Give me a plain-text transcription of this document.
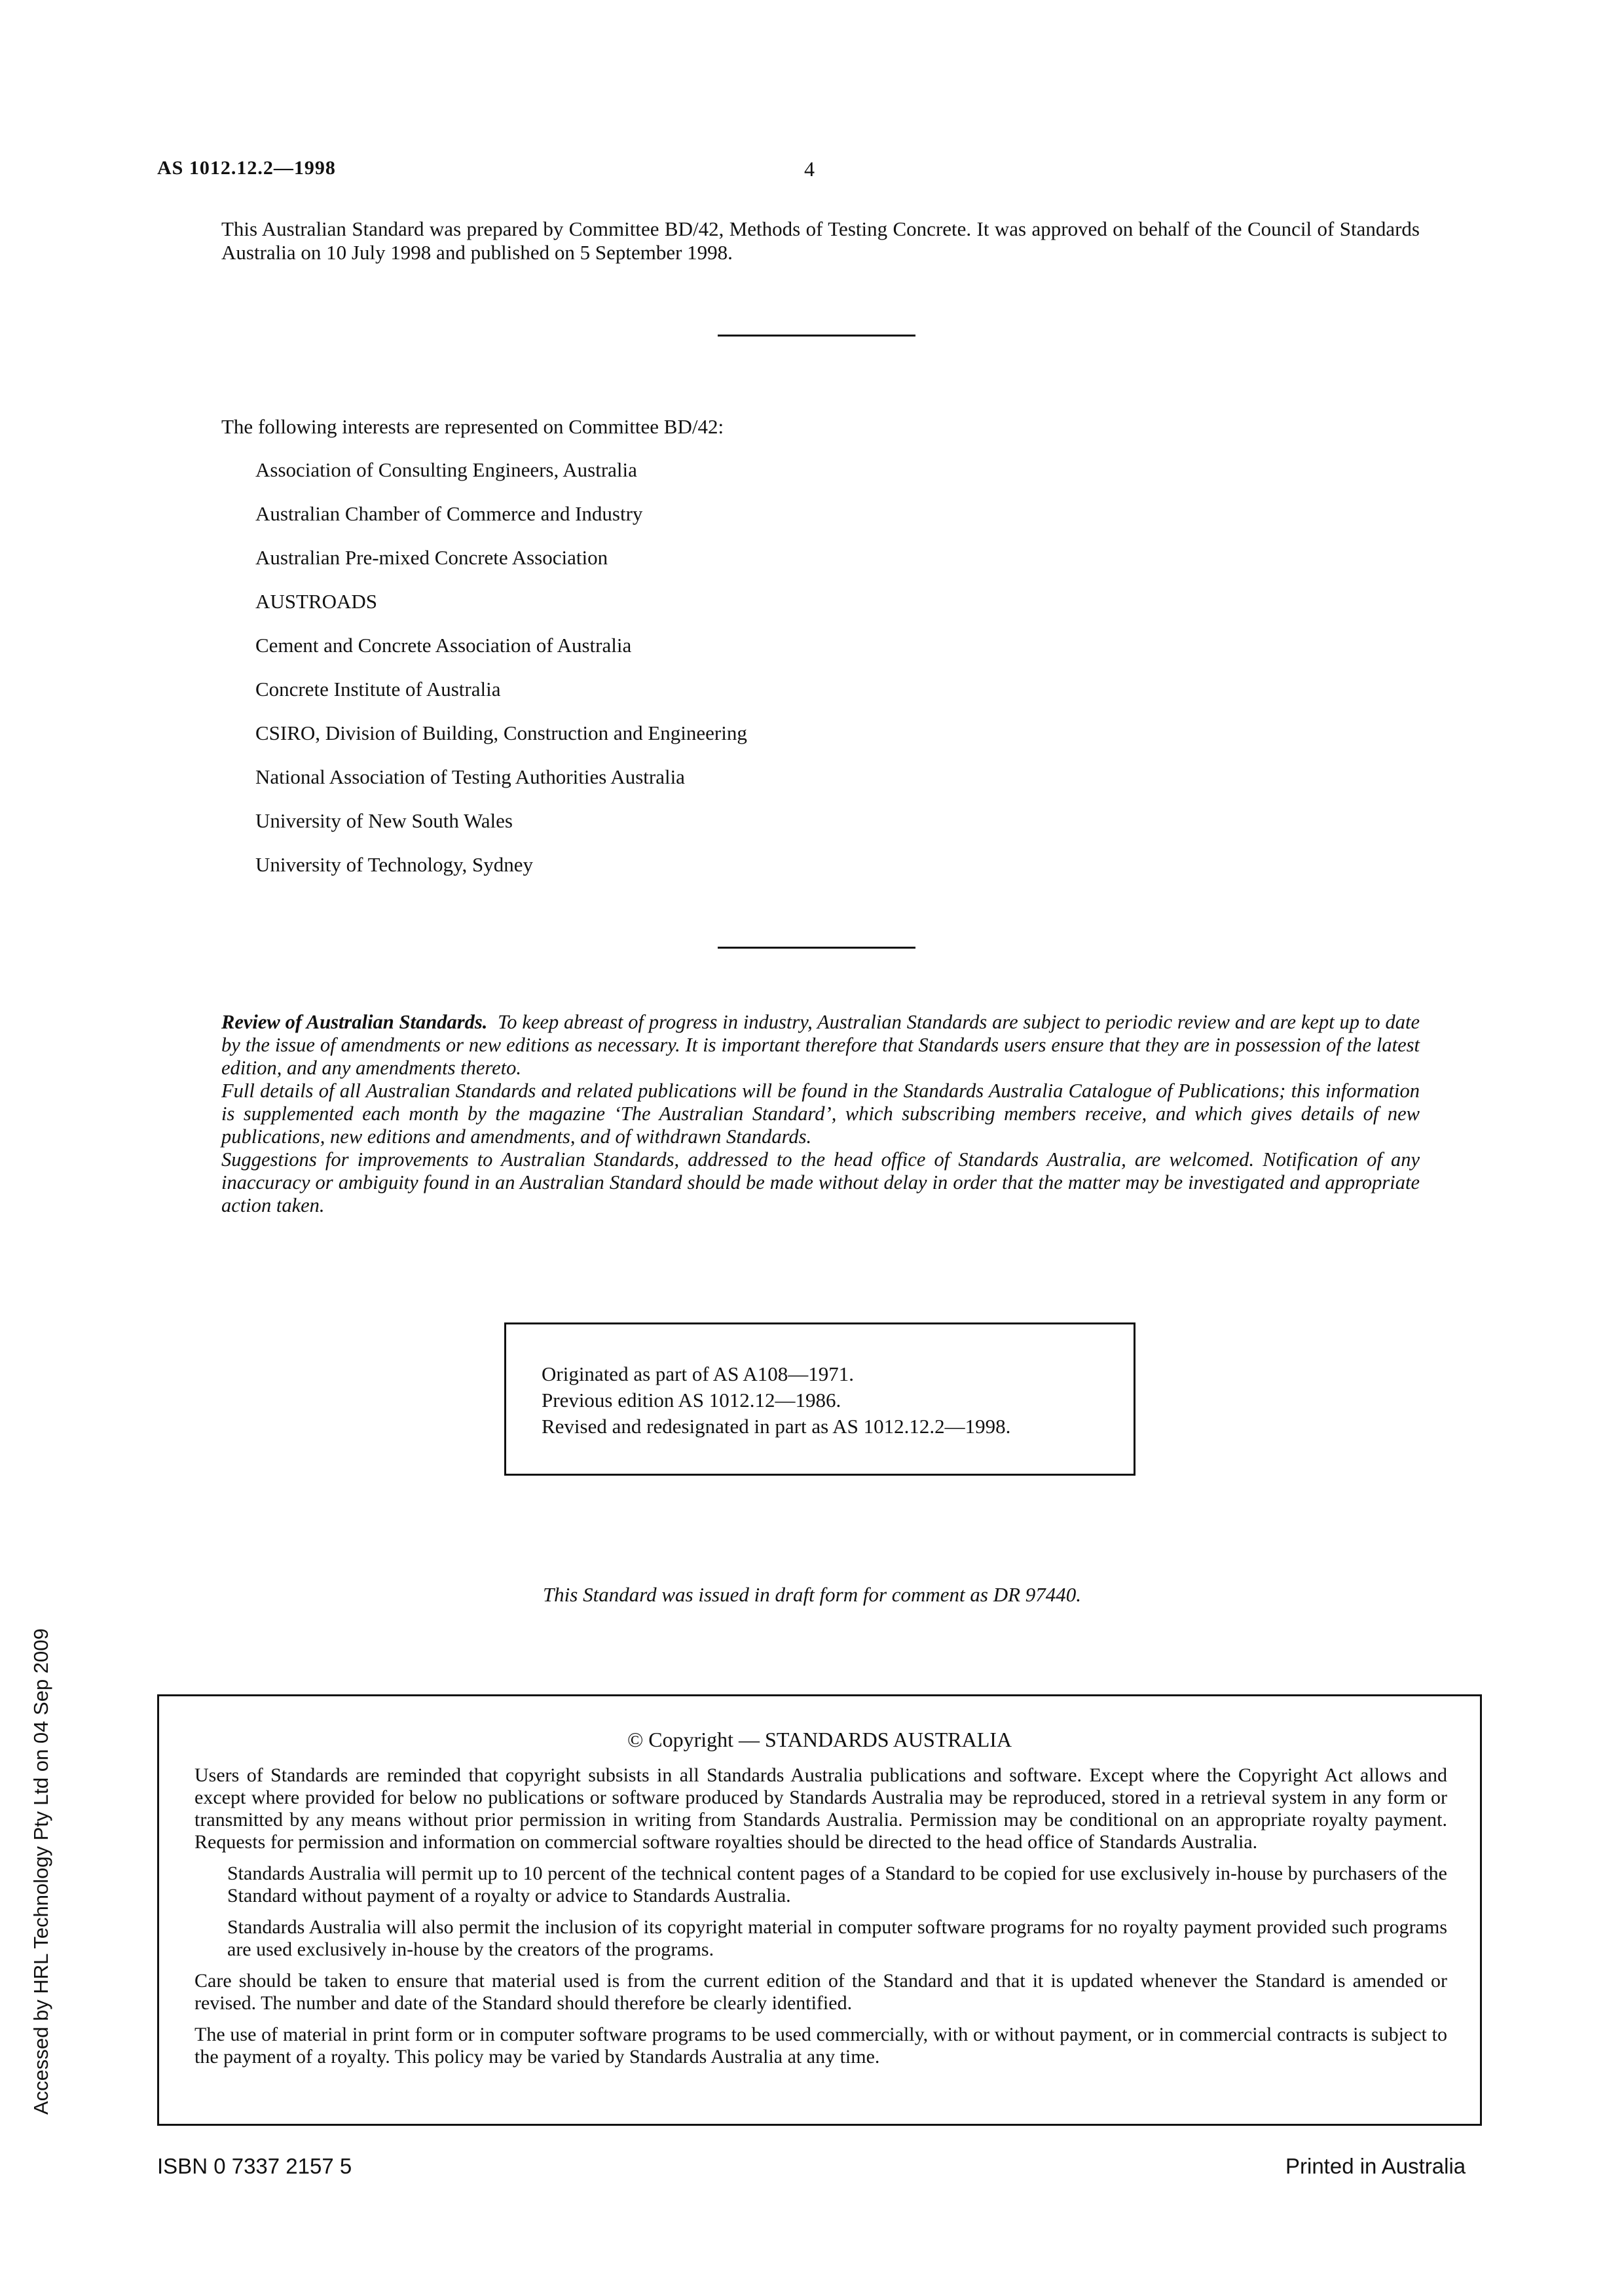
AS 1012.12.2—1998	4
This Australian Standard was prepared by Committee BD/42, Methods of Testing Concrete. It was approved on behalf of the Council of Standards Australia on 10 July 1998 and published on 5 September 1998.
The following interests are represented on Committee BD/42:
Association of Consulting Engineers, Australia
Australian Chamber of Commerce and Industry
Australian Pre-mixed Concrete Association
AUSTROADS
Cement and Concrete Association of Australia
Concrete Institute of Australia
CSIRO, Division of Building, Construction and Engineering
National Association of Testing Authorities Australia
University of New South Wales
University of Technology, Sydney

Review of Australian Standards. To keep abreast of progress in industry, Australian Standards are subject to periodic review and are kept up to date by the issue of amendments or new editions as necessary. It is important therefore that Standards users ensure that they are in possession of the latest edition, and any amendments thereto.

Full details of all Australian Standards and related publications will be found in the Standards Australia Catalogue of Publications; this information is supplemented each month by the magazine ‘The Australian Standard’, which subscribing members receive, and which gives details of new publications, new editions and amendments, and of withdrawn Standards.

Suggestions for improvements to Australian Standards, addressed to the head office of Standards Australia, are welcomed. Notification of any inaccuracy or ambiguity found in an Australian Standard should be made without delay in order that the matter may be investigated and appropriate action taken.

Originated as part of AS A108—1971.
Previous edition AS 1012.12—1986.
Revised and redesignated in part as AS 1012.12.2—1998.
This Standard was issued in draft form for comment as DR 97440.
© Copyright — STANDARDS AUSTRALIA

Users of Standards are reminded that copyright subsists in all Standards Australia publications and software. Except where the Copyright Act allows and except where provided for below no publications or software produced by Standards Australia may be reproduced, stored in a retrieval system in any form or transmitted by any means without prior permission in writing from Standards Australia. Permission may be conditional on an appropriate royalty payment. Requests for permission and information on commercial software royalties should be directed to the head office of Standards Australia.

Standards Australia will permit up to 10 percent of the technical content pages of a Standard to be copied for use exclusively in-house by purchasers of the Standard without payment of a royalty or advice to Standards Australia.

Standards Australia will also permit the inclusion of its copyright material in computer software programs for no royalty payment provided such programs are used exclusively in-house by the creators of the programs.

Care should be taken to ensure that material used is from the current edition of the Standard and that it is updated whenever the Standard is amended or revised. The number and date of the Standard should therefore be clearly identified.

The use of material in print form or in computer software programs to be used commercially, with or without payment, or in commercial contracts is subject to the payment of a royalty. This policy may be varied by Standards Australia at any time.

Accessed by HRL Technology Pty Ltd on 04 Sep 2009
ISBN 0 7337 2157 5	Printed in Australia
